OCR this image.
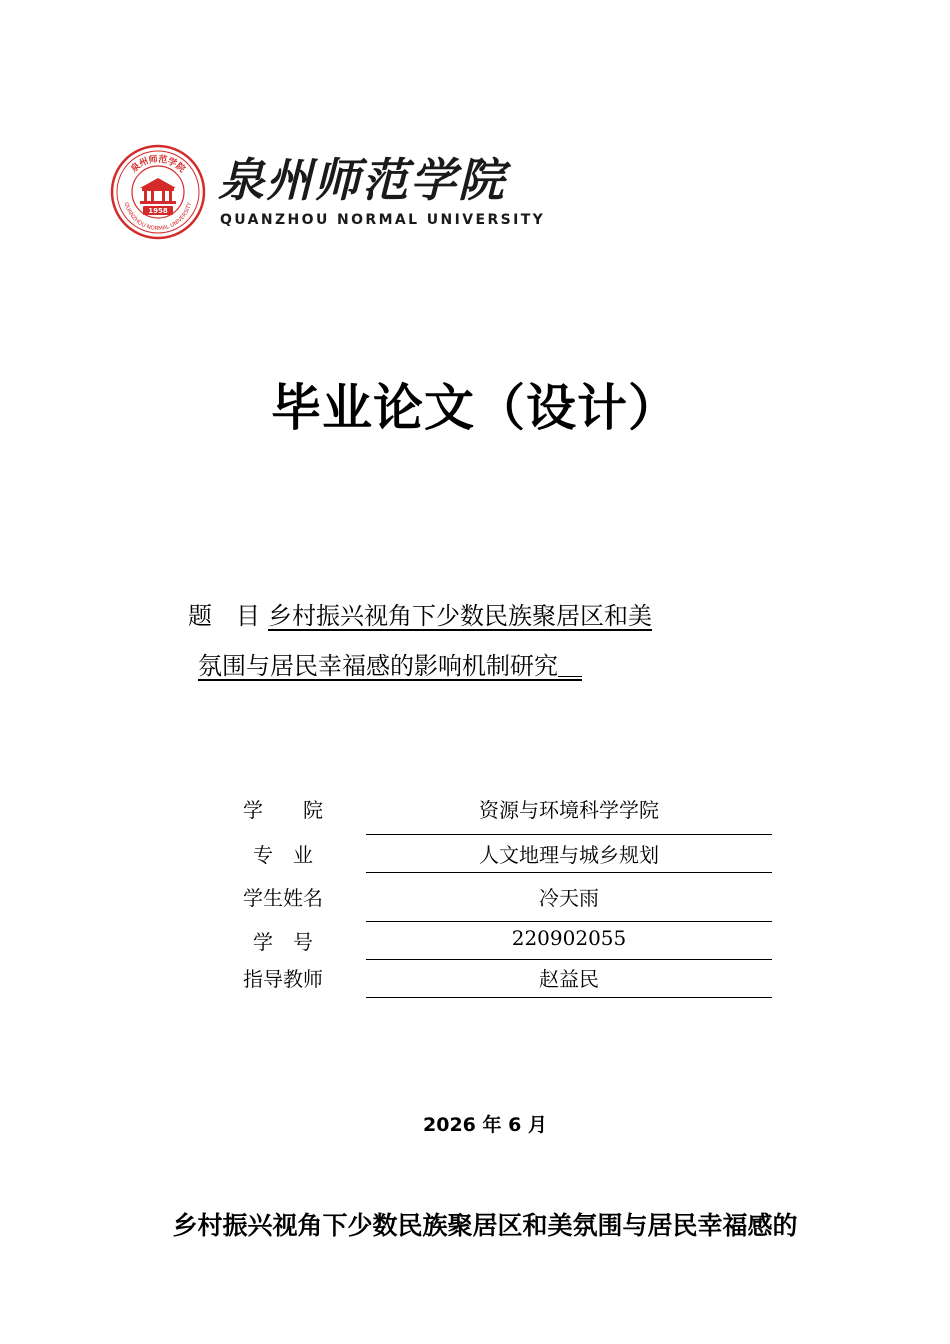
泉州师范学院
QUANZHOU NORMAL UNIVERSITY
1958
泉州师范学院
QUANZHOU NORMAL UNIVERSITY
毕业论文（设计）
题　目 乡村振兴视角下少数民族聚居区和美
氛围与居民幸福感的影响机制研究＿
学　　院	资源与环境科学学院
专　业	人文地理与城乡规划
学生姓名	冷天雨
学　号	220902055
指导教师	赵益民
2026 年 6 月
乡村振兴视角下少数民族聚居区和美氛围与居民幸福感的
